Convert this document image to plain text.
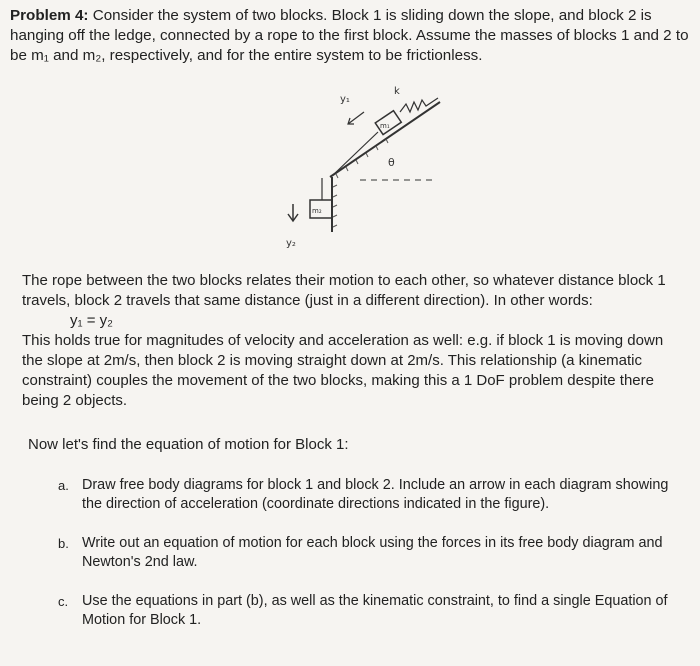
Problem 4: Consider the system of two blocks. Block 1 is sliding down the slope, and block 2 is hanging off the ledge, connected by a rope to the first block. Assume the masses of blocks 1 and 2 to be m₁ and m₂, respectively, and for the entire system to be frictionless.
m₁
k
y₁
θ
m₂
y₂
The rope between the two blocks relates their motion to each other, so whatever distance block 1 travels, block 2 travels that same distance (just in a different direction). In other words:
y₁ = y₂
This holds true for magnitudes of velocity and acceleration as well: e.g. if block 1 is moving down the slope at 2m/s, then block 2 is moving straight down at 2m/s. This relationship (a kinematic constraint) couples the movement of the two blocks, making this a 1 DoF problem despite there being 2 objects.
Now let's find the equation of motion for Block 1:
a. Draw free body diagrams for block 1 and block 2. Include an arrow in each diagram showing the direction of acceleration (coordinate directions indicated in the figure).
b. Write out an equation of motion for each block using the forces in its free body diagram and Newton's 2nd law.
c. Use the equations in part (b), as well as the kinematic constraint, to find a single Equation of Motion for Block 1.
